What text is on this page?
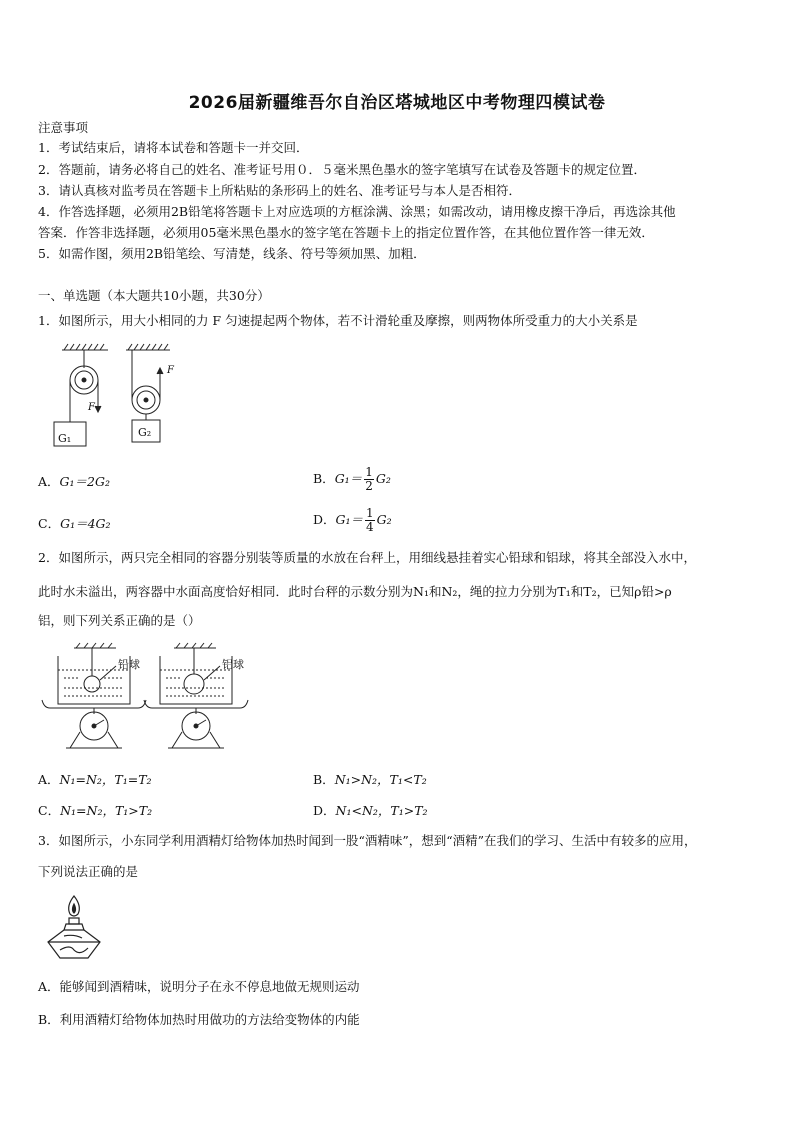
2026届新疆维吾尔自治区塔城地区中考物理四模试卷
注意事项
1．考试结束后，请将本试卷和答题卡一并交回．
2．答题前，请务必将自己的姓名、准考证号用０．５毫米黑色墨水的签字笔填写在试卷及答题卡的规定位置．
3．请认真核对监考员在答题卡上所粘贴的条形码上的姓名、准考证号与本人是否相符．
4．作答选择题，必须用2B铅笔将答题卡上对应选项的方框涂满、涂黑；如需改动，请用橡皮擦干净后，再选涂其他
答案．作答非选择题，必须用05毫米黑色墨水的签字笔在答题卡上的指定位置作答，在其他位置作答一律无效．
5．如需作图，须用2B铅笔绘、写清楚，线条、符号等须加黑、加粗．
一、单选题（本大题共10小题，共30分）
1．如图所示，用大小相同的力 F 匀速提起两个物体，若不计滑轮重及摩擦，则两物体所受重力的大小关系是
F
F
G₁	G₂
A．G₁＝2G₂	B．$G_1= \frac{1}{2} G_2$
C．G₁＝4G₂	D．$G_1= \frac{1}{4} G_2$
2．如图所示，两只完全相同的容器分别装等质量的水放在台秤上，用细线悬挂着实心铅球和铝球，将其全部没入水中，
此时水未溢出，两容器中水面高度恰好相同．此时台秤的示数分别为N₁和N₂，绳的拉力分别为T₁和T₂，已知ρ铅>ρ
铝，则下列关系正确的是（）
铅球	铝球
A．N₁=N₂，T₁=T₂	B．N₁>N₂，T₁<T₂
C．N₁=N₂，T₁>T₂	D．N₁<N₂，T₁>T₂
3．如图所示，小东同学利用酒精灯给物体加热时闻到一股“酒精味”，想到“酒精”在我们的学习、生活中有较多的应用，
下列说法正确的是
A．能够闻到酒精味，说明分子在永不停息地做无规则运动
B．利用酒精灯给物体加热时用做功的方法给变物体的内能
